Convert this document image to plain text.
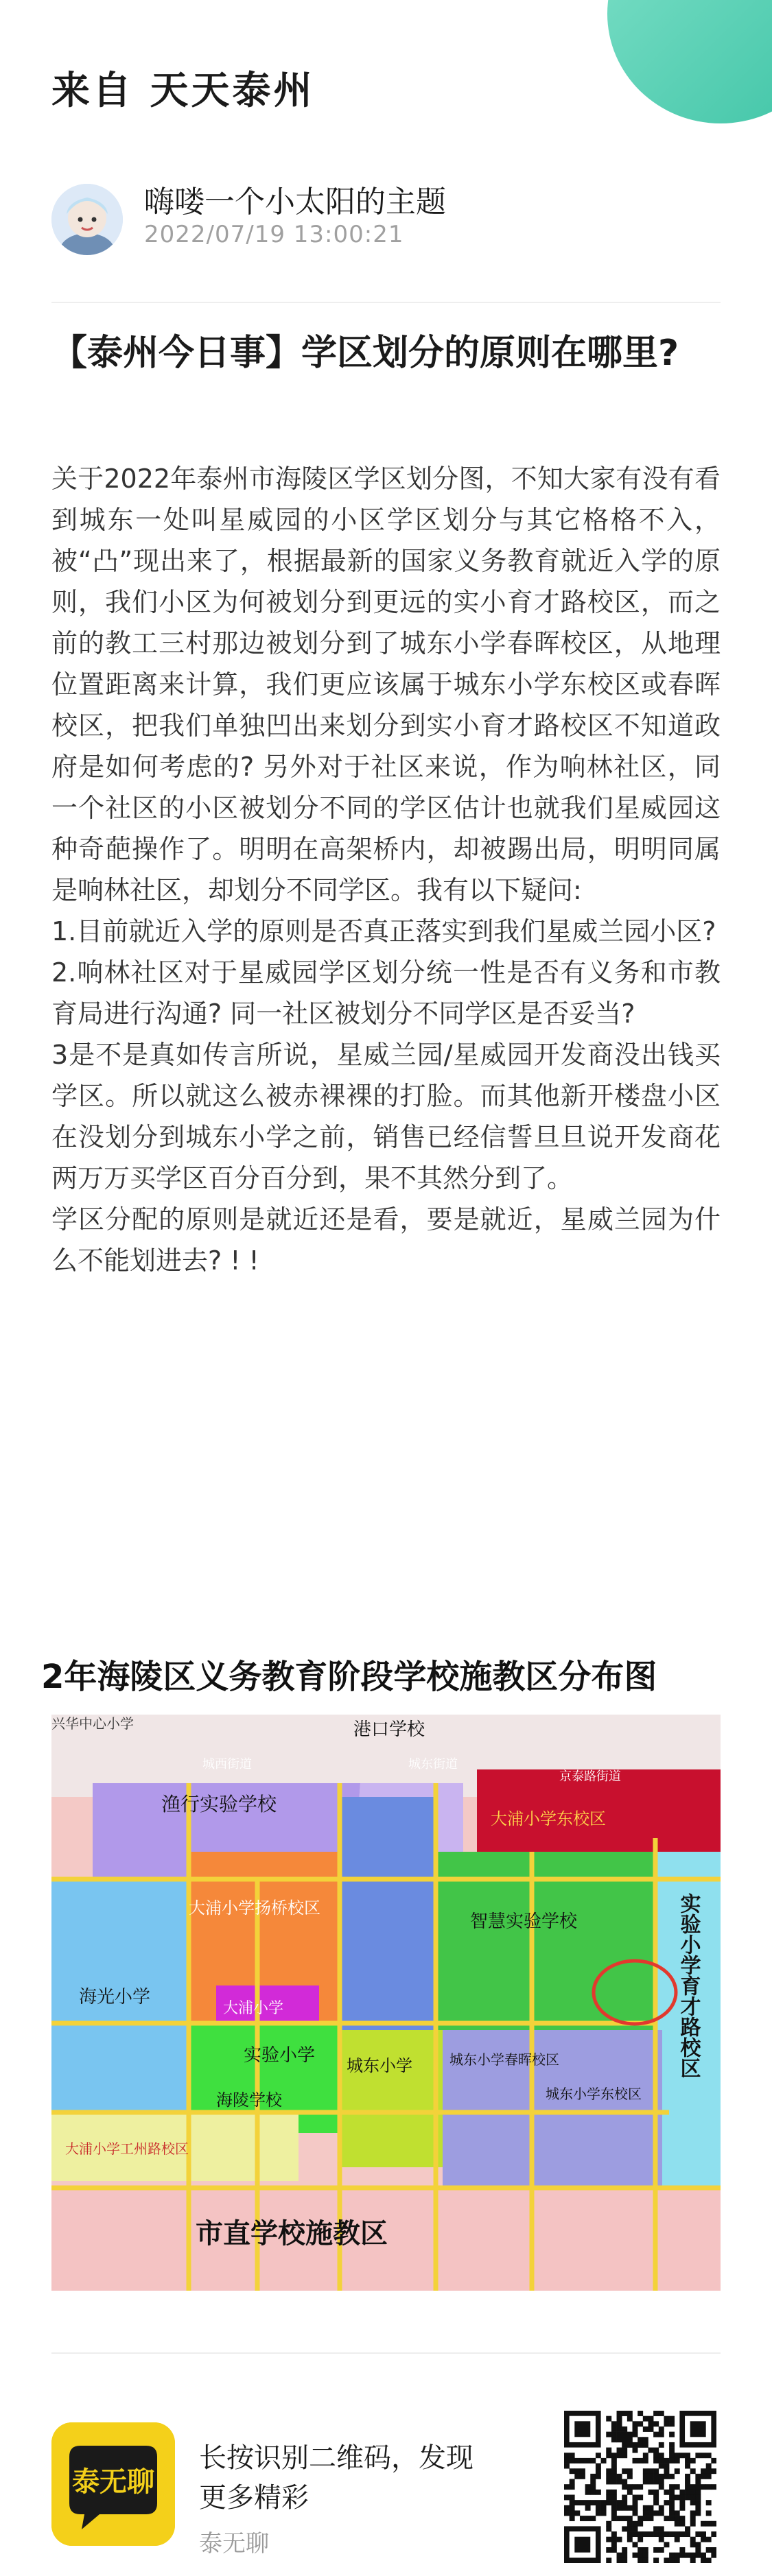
来自 天天泰州
嗨喽一个小太阳的主题
2022/07/19 13:00:21
【泰州今日事】学区划分的原则在哪里?

关于2022年泰州市海陵区学区划分图，不知大家有没有看到城东一处叫星威园的小区学区划分与其它格格不入，被“凸”现出来了，根据最新的国家义务教育就近入学的原则，我们小区为何被划分到更远的实小育才路校区，而之前的教工三村那边被划分到了城东小学春晖校区，从地理位置距离来计算，我们更应该属于城东小学东校区或春晖校区，把我们单独凹出来划分到实小育才路校区不知道政府是如何考虑的? 另外对于社区来说，作为响林社区，同一个社区的小区被划分不同的学区估计也就我们星威园这种奇葩操作了。明明在高架桥内，却被踢出局，明明同属是响林社区，却划分不同学区。我有以下疑问:

1.目前就近入学的原则是否真正落实到我们星威兰园小区?

2.响林社区对于星威园学区划分统一性是否有义务和市教育局进行沟通? 同一社区被划分不同学区是否妥当?

3是不是真如传言所说，星威兰园/星威园开发商没出钱买学区。所以就这么被赤裸裸的打脸。而其他新开楼盘小区在没划分到城东小学之前，销售已经信誓旦旦说开发商花两万万买学区百分百分到，果不其然分到了。

学区分配的原则是就近还是看，要是就近，星威兰园为什么不能划进去? ! !

2年海陵区义务教育阶段学校施教区分布图
兴华中心小学	港口学校
城西街道	城东街道
京泰路街道
渔行实验学校
大浦小学东校区
大浦小学扬桥校区
智慧实验学校
海光小学
大浦小学
实验小学
海陵学校
城东小学	城东小学春晖校区
城东小学东校区
大浦小学工州路校区
市直学校施教区
实验小学育才路校区
泰无聊
长按识别二维码，发现更多精彩
泰无聊
